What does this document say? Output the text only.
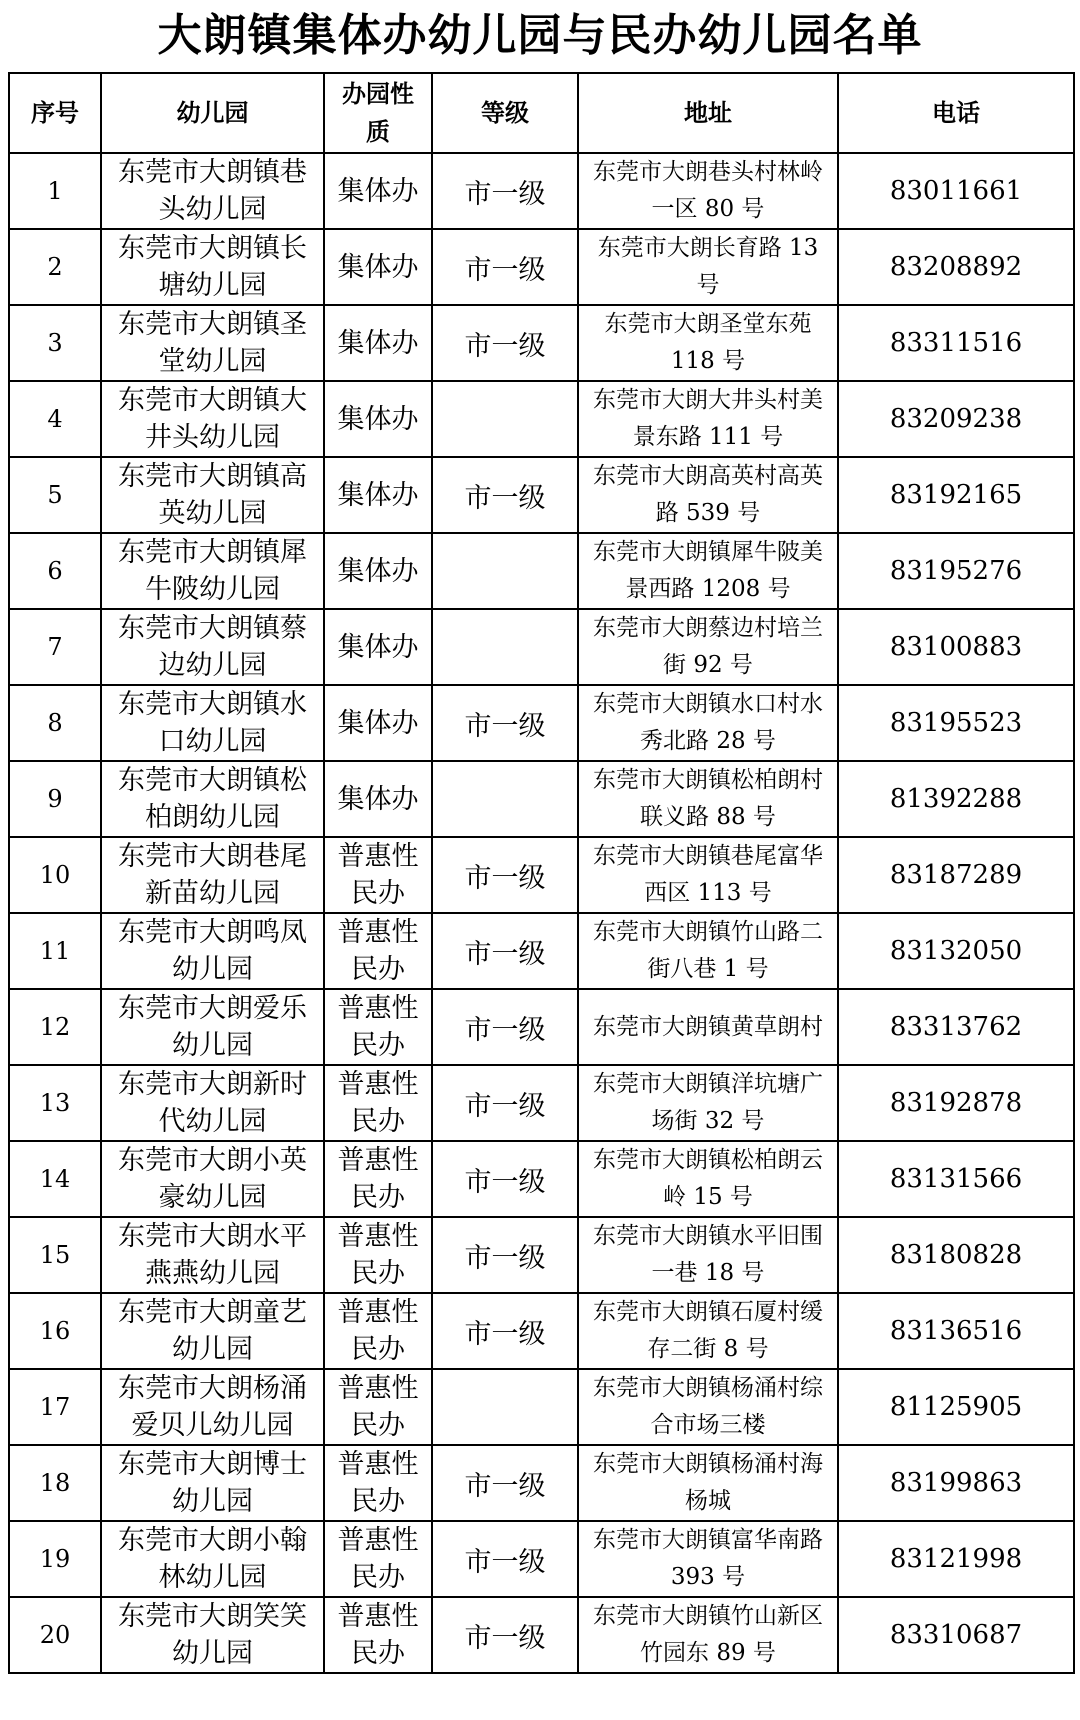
大朗镇集体办幼儿园与民办幼儿园名单
序号	幼儿园	办园性质	等级	地址	电话
1	东莞市大朗镇巷头幼儿园	集体办	市一级	东莞市大朗巷头村林岭一区 80 号	83011661
2	东莞市大朗镇长塘幼儿园	集体办	市一级	东莞市大朗长育路 13 号	83208892
3	东莞市大朗镇圣堂幼儿园	集体办	市一级	东莞市大朗圣堂东苑 118 号	83311516
4	东莞市大朗镇大井头幼儿园	集体办		东莞市大朗大井头村美景东路 111 号	83209238
5	东莞市大朗镇高英幼儿园	集体办	市一级	东莞市大朗高英村高英路 539 号	83192165
6	东莞市大朗镇犀牛陂幼儿园	集体办		东莞市大朗镇犀牛陂美景西路 1208 号	83195276
7	东莞市大朗镇蔡边幼儿园	集体办		东莞市大朗蔡边村培兰街 92 号	83100883
8	东莞市大朗镇水口幼儿园	集体办	市一级	东莞市大朗镇水口村水秀北路 28 号	83195523
9	东莞市大朗镇松柏朗幼儿园	集体办		东莞市大朗镇松柏朗村联义路 88 号	81392288
10	东莞市大朗巷尾新苗幼儿园	普惠性民办	市一级	东莞市大朗镇巷尾富华西区 113 号	83187289
11	东莞市大朗鸣凤幼儿园	普惠性民办	市一级	东莞市大朗镇竹山路二街八巷 1 号	83132050
12	东莞市大朗爱乐幼儿园	普惠性民办	市一级	东莞市大朗镇黄草朗村	83313762
13	东莞市大朗新时代幼儿园	普惠性民办	市一级	东莞市大朗镇洋坑塘广场街 32 号	83192878
14	东莞市大朗小英豪幼儿园	普惠性民办	市一级	东莞市大朗镇松柏朗云岭 15 号	83131566
15	东莞市大朗水平燕燕幼儿园	普惠性民办	市一级	东莞市大朗镇水平旧围一巷 18 号	83180828
16	东莞市大朗童艺幼儿园	普惠性民办	市一级	东莞市大朗镇石厦村缓存二街 8 号	83136516
17	东莞市大朗杨涌爱贝儿幼儿园	普惠性民办		东莞市大朗镇杨涌村综合市场三楼	81125905
18	东莞市大朗博士幼儿园	普惠性民办	市一级	东莞市大朗镇杨涌村海杨城	83199863
19	东莞市大朗小翰林幼儿园	普惠性民办	市一级	东莞市大朗镇富华南路 393 号	83121998
20	东莞市大朗笑笑幼儿园	普惠性民办	市一级	东莞市大朗镇竹山新区竹园东 89 号	83310687
